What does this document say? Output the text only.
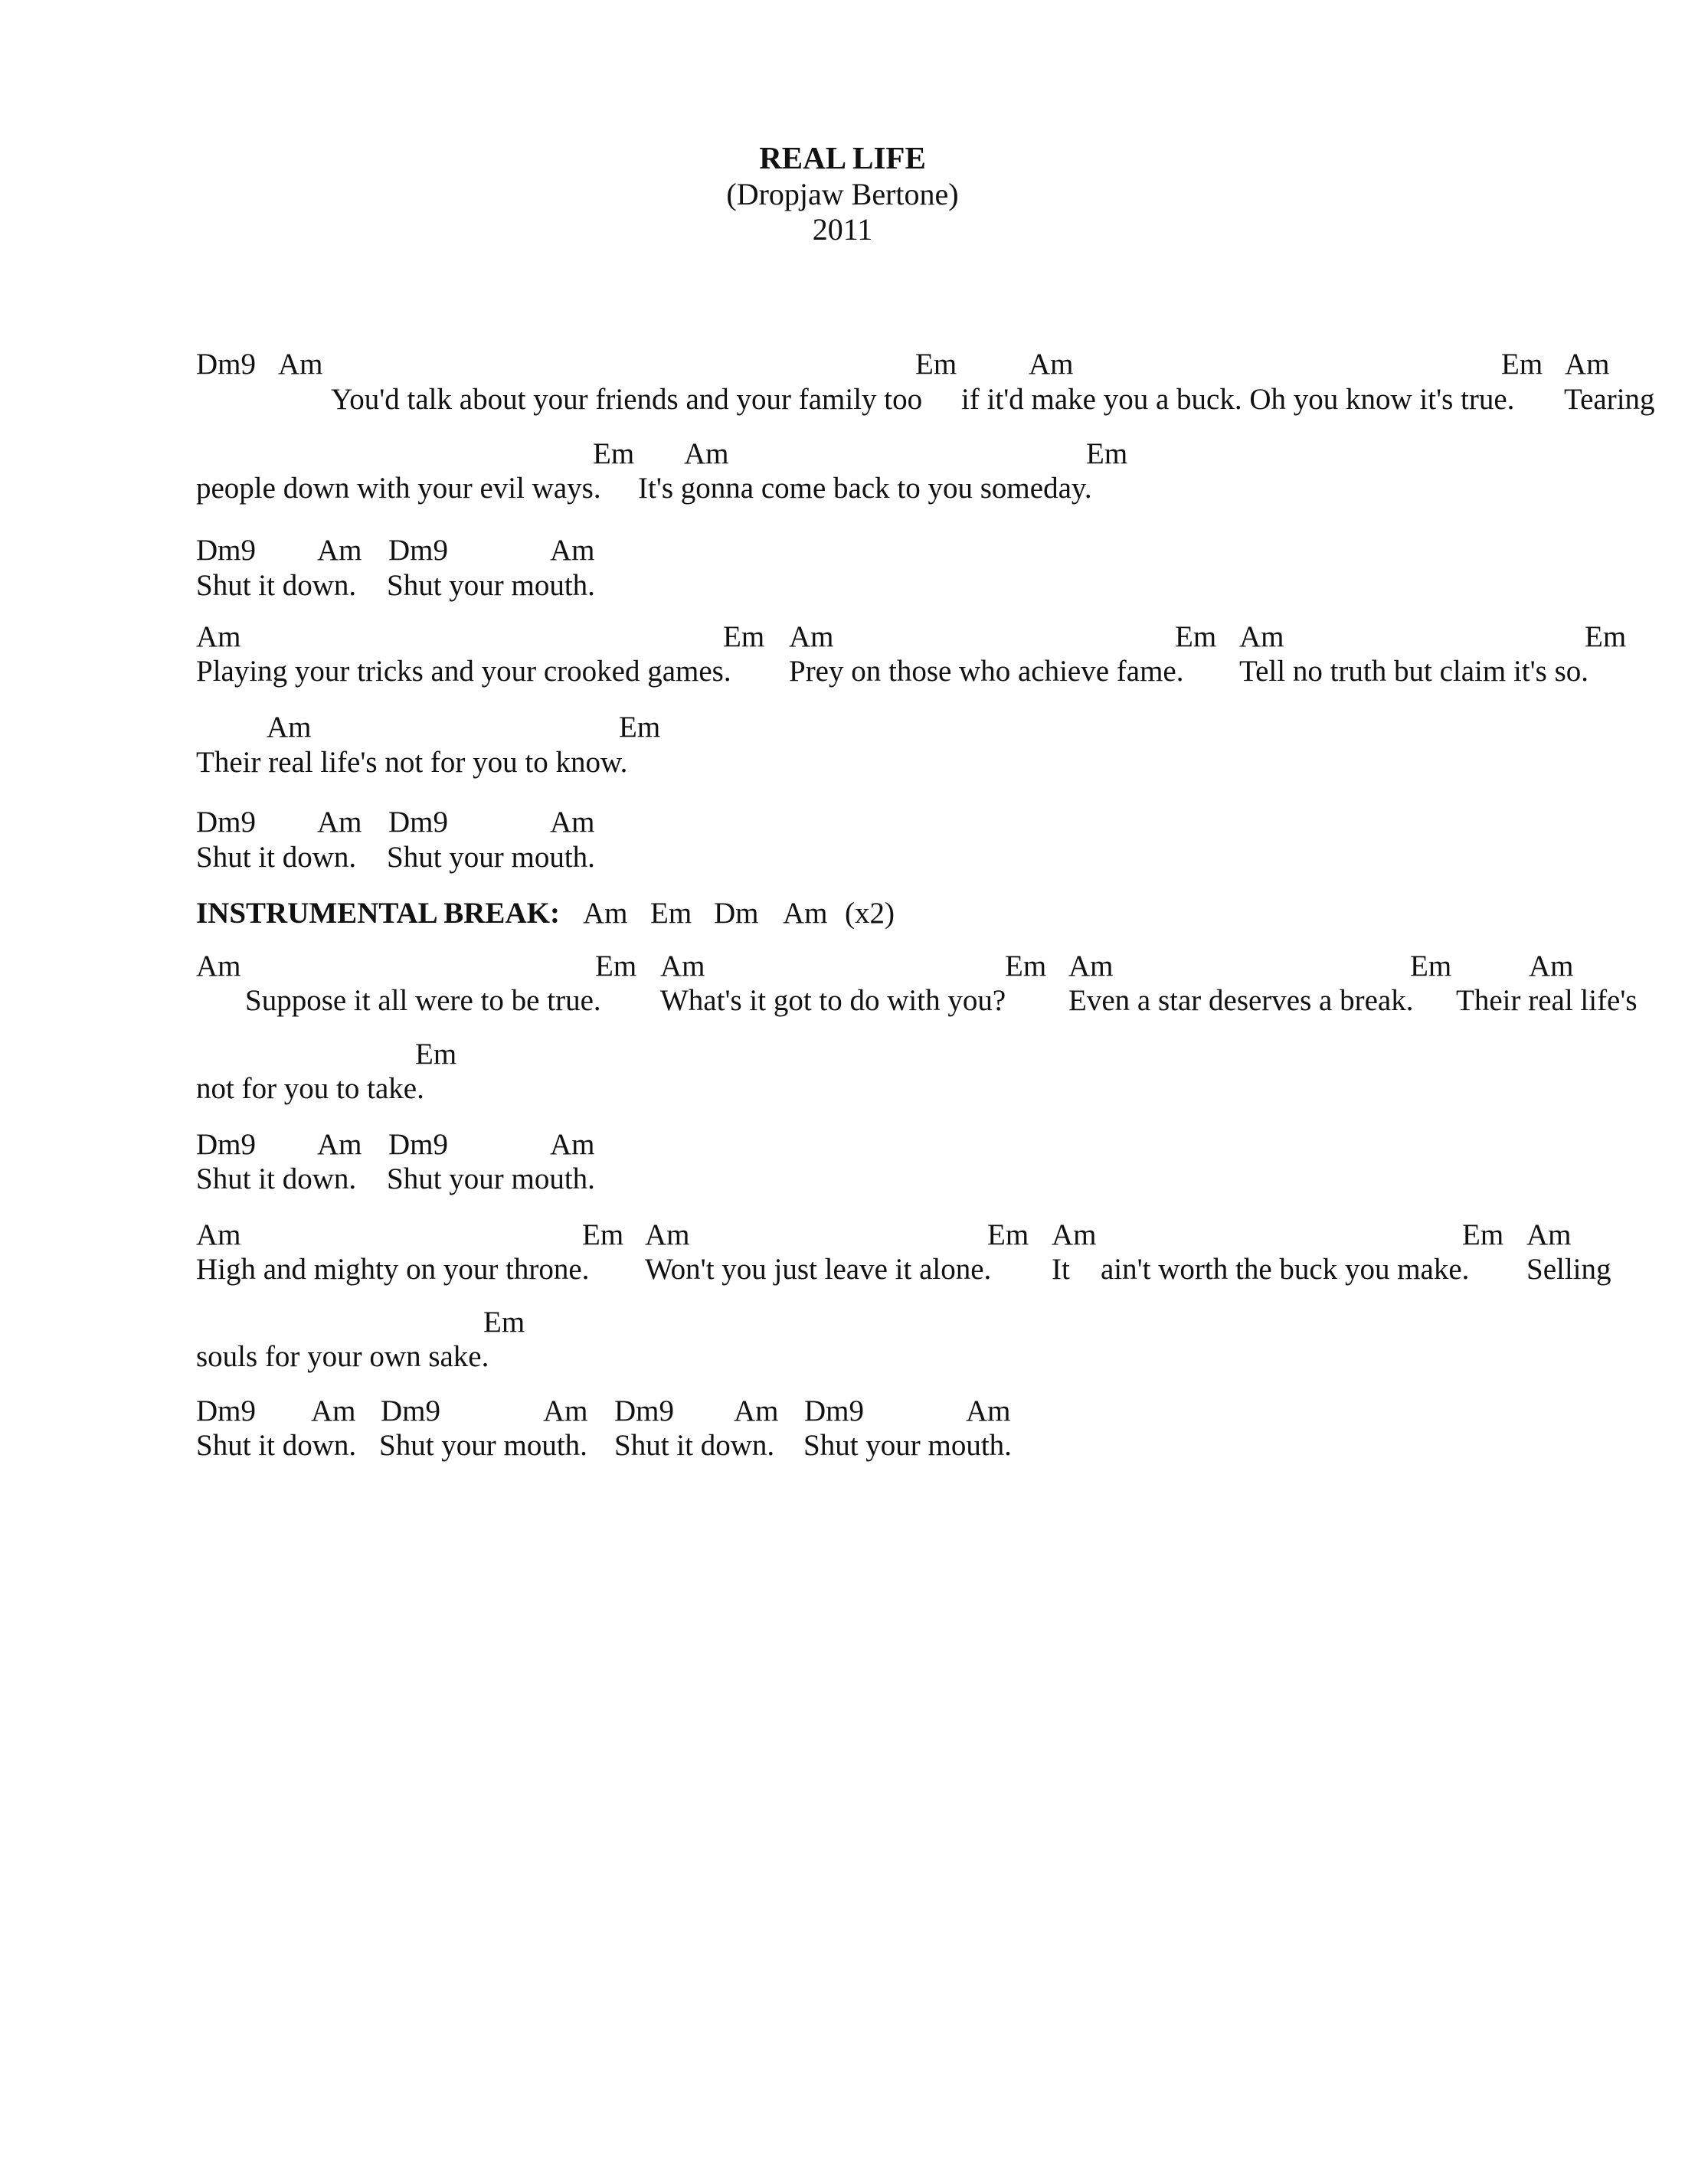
REAL LIFE
(Dropjaw Bertone)
2011
Dm9 Am	Em Am	Em Am
You'd talk about your friends and your family too if it'd make you a buck. Oh you know it's true. Tearing
Em Am	Em
people down with your evil ways. It's gonna come back to you someday.
Dm9 Am Dm9	Am
Shut it down. Shut your mouth.
Am	Em Am	Em Am	Em
Playing your tricks and your crooked games. Prey on those who achieve fame. Tell no truth but claim it's so.
Am	Em
Their real life's not for you to know.
Dm9 Am Dm9	Am
Shut it down. Shut your mouth.
INSTRUMENTAL BREAK: Am Em Dm Am (x2)
Am	Em Am	Em Am	Em	Am
Suppose it all were to be true. What's it got to do with you? Even a star deserves a break. Their real life's
Em
not for you to take.
Dm9 Am Dm9	Am
Shut it down. Shut your mouth.
Am	Em Am	Em Am	Em Am
High and mighty on your throne. Won't you just leave it alone. It ain't worth the buck you make. Selling
Em
souls for your own sake.
Dm9 Am Dm9	Am Dm9 Am Dm9	Am
Shut it down. Shut your mouth. Shut it down. Shut your mouth.
